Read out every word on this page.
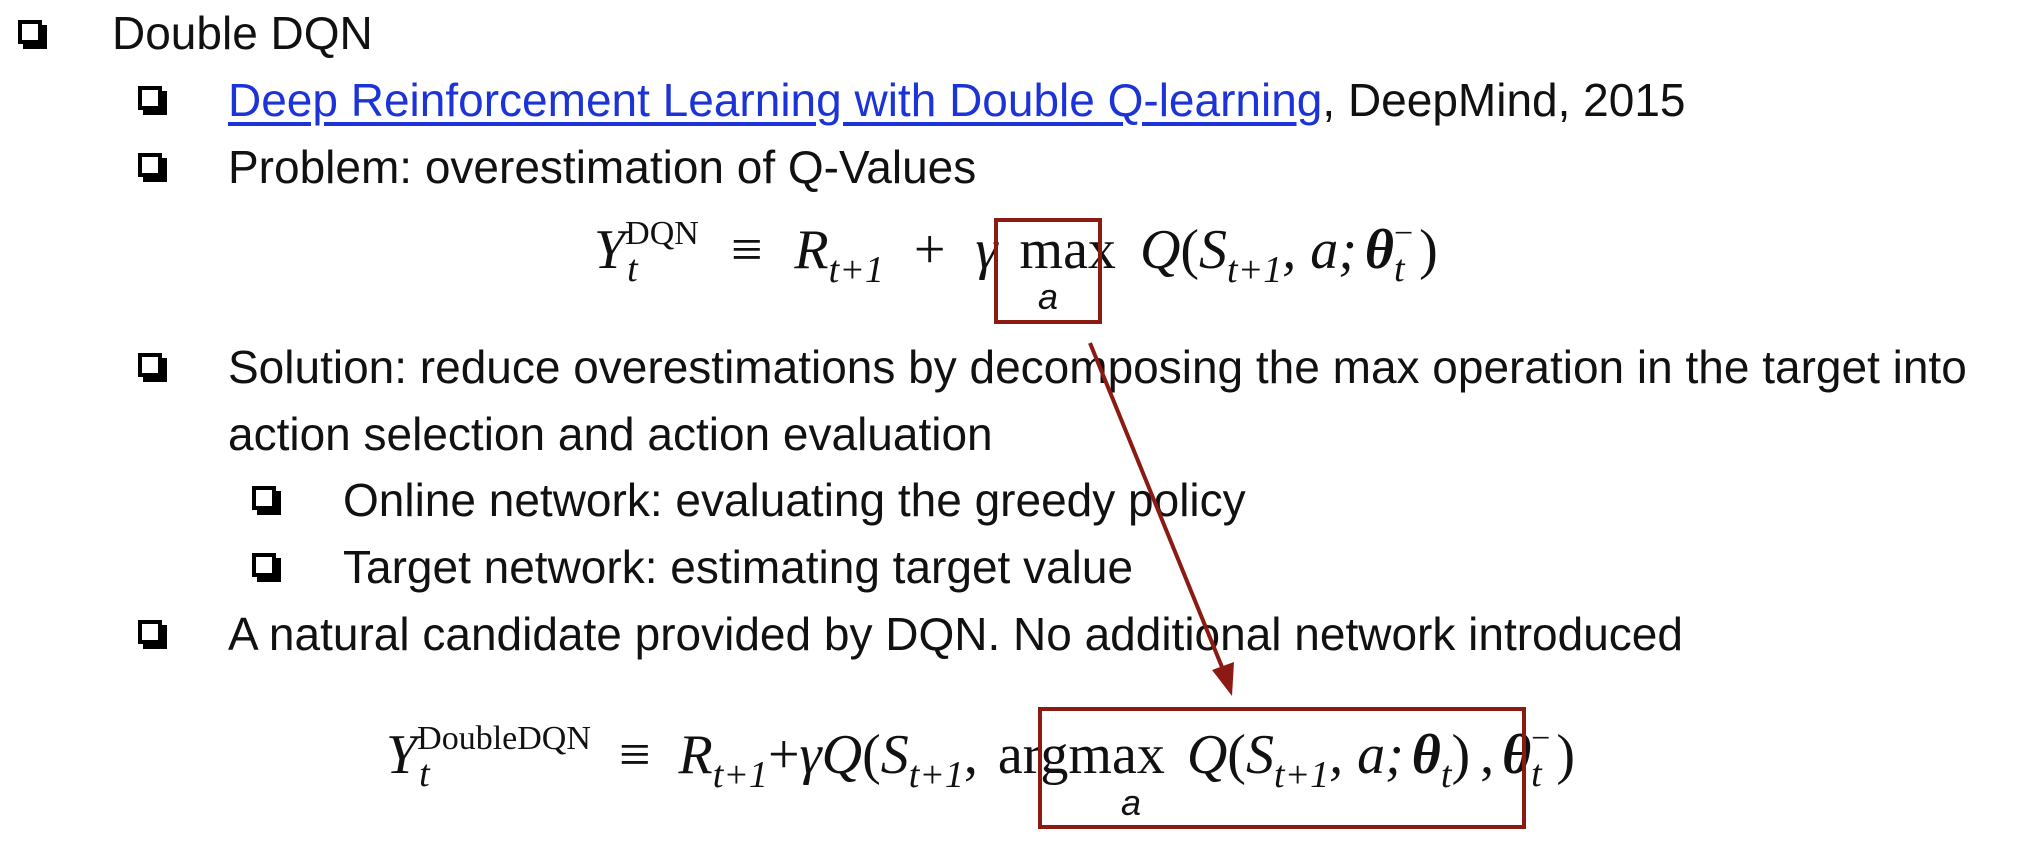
Double DQN
Deep Reinforcement Learning with Double Q-learning, DeepMind, 2015
Problem: overestimation of Q-Values
$Y^{DQN}$
$t \equiv R_{t+1} + \gamma$ $\max Q(S_{t+1}$, a; θ−
t )
a
Solution: reduce overestimations by decomposing the max operation in the target into
action selection and action evaluation
Online network: evaluating the greedy policy
Target network: estimating target value
A natural candidate provided by DQN. No additional network introduced
$Y^{DoubleDQN}$
t	≡ $R_{t+1}+\gamma Q(S_{t+1}$, argmax $Q(S_{t+1}$, a; $\theta_t$) , θ−
t )
a
